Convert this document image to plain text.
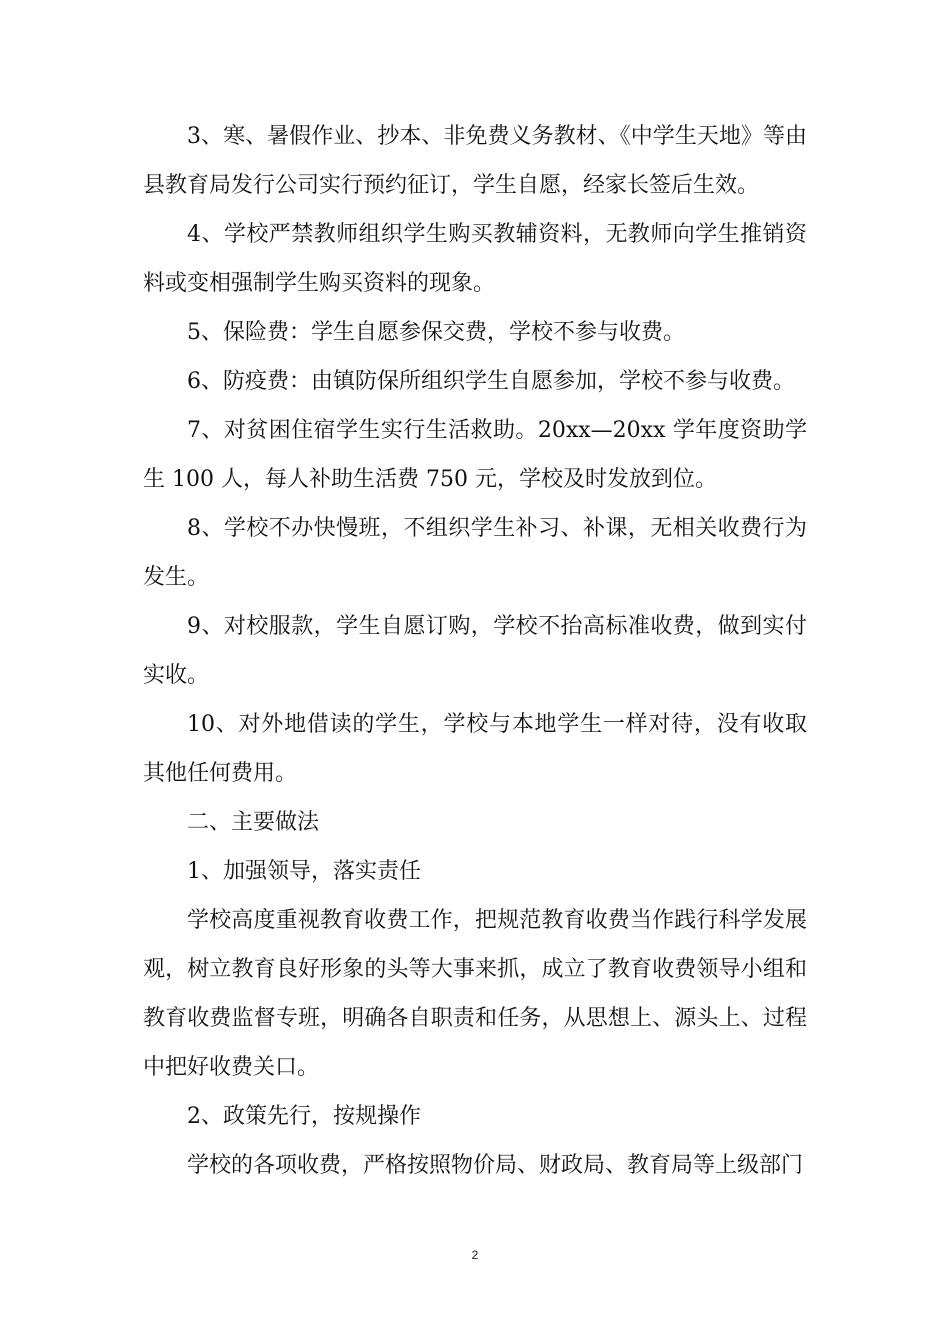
3、寒、暑假作业、抄本、非免费义务教材、《中学生天地》等由县教育局发行公司实行预约征订，学生自愿，经家长签后生效。

4、学校严禁教师组织学生购买教辅资料，无教师向学生推销资料或变相强制学生购买资料的现象。

5、保险费：学生自愿参保交费，学校不参与收费。

6、防疫费：由镇防保所组织学生自愿参加，学校不参与收费。

7、对贫困住宿学生实行生活救助。20xx—20xx 学年度资助学生 100 人，每人补助生活费 750 元，学校及时发放到位。

8、学校不办快慢班，不组织学生补习、补课，无相关收费行为发生。

9、对校服款，学生自愿订购，学校不抬高标准收费，做到实付实收。

10、对外地借读的学生，学校与本地学生一样对待，没有收取其他任何费用。

二、主要做法

1、加强领导，落实责任

学校高度重视教育收费工作，把规范教育收费当作践行科学发展观，树立教育良好形象的头等大事来抓，成立了教育收费领导小组和教育收费监督专班，明确各自职责和任务，从思想上、源头上、过程中把好收费关口。

2、政策先行，按规操作

学校的各项收费，严格按照物价局、财政局、教育局等上级部门

2
